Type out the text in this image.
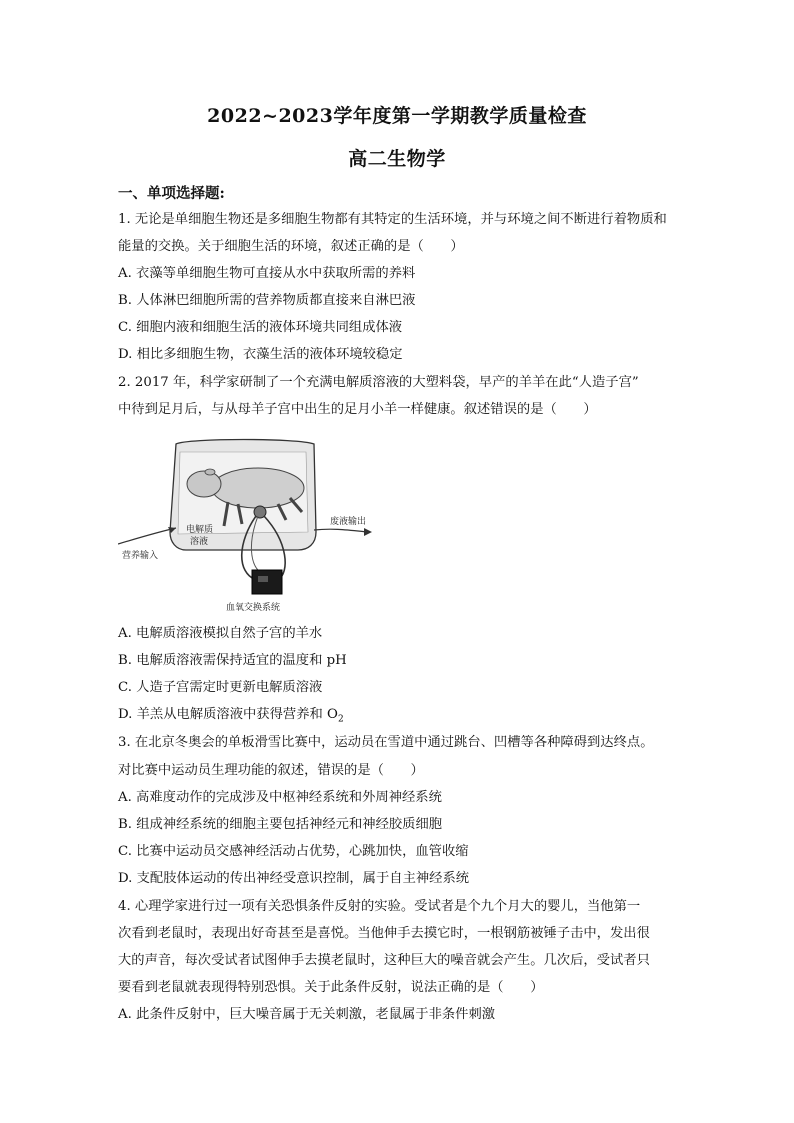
2022~2023学年度第一学期教学质量检查
高二生物学
一、单项选择题:
1. 无论是单细胞生物还是多细胞生物都有其特定的生活环境，并与环境之间不断进行着物质和
能量的交换。关于细胞生活的环境，叙述正确的是（　　）
A. 衣藻等单细胞生物可直接从水中获取所需的养料
B. 人体淋巴细胞所需的营养物质都直接来自淋巴液
C. 细胞内液和细胞生活的液体环境共同组成体液
D. 相比多细胞生物，衣藻生活的液体环境较稳定
2. 2017 年，科学家研制了一个充满电解质溶液的大塑料袋，早产的羊羊在此“人造子宫”
中待到足月后，与从母羊子宫中出生的足月小羊一样健康。叙述错误的是（　　）
电解质
溶液
营养输入
废液输出
血氧交换系统
A. 电解质溶液模拟自然子宫的羊水
B. 电解质溶液需保持适宜的温度和 pH
C. 人造子宫需定时更新电解质溶液
D. 羊羔从电解质溶液中获得营养和 $O_2$
3. 在北京冬奥会的单板滑雪比赛中，运动员在雪道中通过跳台、凹槽等各种障碍到达终点。
对比赛中运动员生理功能的叙述，错误的是（　　）
A. 高难度动作的完成涉及中枢神经系统和外周神经系统
B. 组成神经系统的细胞主要包括神经元和神经胶质细胞
C. 比赛中运动员交感神经活动占优势，心跳加快，血管收缩
D. 支配肢体运动的传出神经受意识控制，属于自主神经系统
4. 心理学家进行过一项有关恐惧条件反射的实验。受试者是个九个月大的婴儿，当他第一
次看到老鼠时，表现出好奇甚至是喜悦。当他伸手去摸它时，一根钢筋被锤子击中，发出很
大的声音，每次受试者试图伸手去摸老鼠时，这种巨大的噪音就会产生。几次后，受试者只
要看到老鼠就表现得特别恐惧。关于此条件反射，说法正确的是（　　）
A. 此条件反射中，巨大噪音属于无关刺激，老鼠属于非条件刺激
